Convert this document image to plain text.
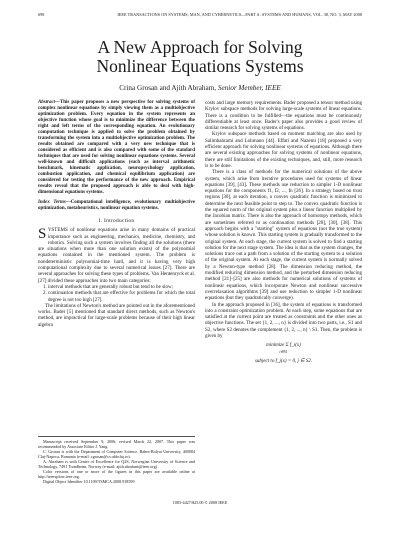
698	IEEE TRANSACTIONS ON SYSTEMS, MAN, AND CYBERNETICS—PART A: SYSTEMS AND HUMANS, VOL. 38, NO. 3, MAY 2008
A New Approach for Solving
Nonlinear Equations Systems
Crina Grosan and Ajith Abraham, Senior Member, IEEE

Abstract—This paper proposes a new perspective for solving systems of complex nonlinear equations by simply viewing them as a multiobjective optimization problem. Every equation in the system represents an objective function whose goal is to minimize the difference between the right and left terms of the corresponding equation. An evolutionary computation technique is applied to solve the problem obtained by transforming the system into a multiobjective optimization problem. The results obtained are compared with a very new technique that is considered as efficient and is also compared with some of the standard techniques that are used for solving nonlinear equations systems. Several well-known and difficult applications (such as interval arithmetic benchmark, kinematic application, neuropsychology application, combustion application, and chemical equilibrium application) are considered for testing the performance of the new approach. Empirical results reveal that the proposed approach is able to deal with high-dimensional equations systems.

Index Terms—Computational intelligence, evolutionary multiobjective optimization, metaheuristics, nonlinear equation systems.

I. Introduction

SYSTEMS of nonlinear equations arise in many domains of practical importance such as engineering, mechanics, medicine, chemistry, and robotics. Solving such a system involves finding all the solutions (there are situations when more than one solution exists) of the polynomial equations contained in the mentioned system. The problem is nondeterministic polynomial-time hard, and it is having very high computational complexity due to several numerical issues [27]. There are several approaches for solving these types of problems. Van Hentenryck et al. [27] divided these approaches into two main categories:

1. interval methods that are generally robust but tend to be slow;
2. continuation methods that are effective for problems for which the total degree is not too high [27].

The limitations of Newton's method are pointed out in the aforementioned works. Bader [5] mentioned that standard direct methods, such as Newton's method, are impractical for large-scale problems because of their high linear algebra

Manuscript received September 9, 2006; revised March 22, 2007. This paper was recommended by Associate Editor J. Yang.

C. Grosan is with the Department of Computer Science, Babes-Bolyai University, 400084 Cluj-Napoca, Romania (e-mail: cgrosan@cs.ubbcluj.ro).

A. Abraham is with Center of Excellence for Q2S, Norwegian University of Science and Technology, 7491 Trondheim, Norway (e-mail: ajith.abraham@ieee.org).

Color versions of one or more of the figures in this paper are available online at http://ieeexplore.ieee.org.

Digital Object Identifier 10.1109/TSMCA.2008.918599

costs and large memory requirements. Bader proposed a tensor method using Krylov subspace methods for solving large-scale systems of linear equations. There is a condition to be fulfilled—the equations must be continuously differentiable at least once. Bader's paper also provides a good review of similar research for solving systems of equations.

Krylov subspace methods based on moment matching are also used by Salimbahrami and Lohmann [44]. Effati and Nazemi [18] proposed a very efficient approach for solving nonlinear systems of equations. Although there are several existing approaches for solving systems of nonlinear equations, there are still limitations of the existing techniques, and, still, more research is to be done.

There is a class of methods for the numerical solutions of the above system, which arise from iterative procedures used for systems of linear equations [39], [43]. These methods use reduction to simpler 1-D nonlinear equations for the components f1, f2, ..., fn [26]. In a strategy based on trust regions [30], at each iteration, a convex quadratic function is minimized to determine the next feasible point to step to. The convex quadratic function is the squared norm of the original system plus a linear function multiplied by the Jacobian matrix. There is also the approach of homotopy methods, which are sometimes referred to as continuation methods [28], [30], [38]. This approach begins with a "starting" system of equations (not the true system) whose solution is known. This starting system is gradually transformed to the original system. At each stage, the current system is solved to find a starting solution for the next stage system. The idea is that as the system changes, the solutions trace out a path from a solution of the starting system to a solution of the original system. At each stage, the current system is normally solved by a Newton-type method [28]. The dimension reducing method, the modified reducing dimension method, and the perturbed dimension reducing method [21]–[25] are also methods for numerical solutions of systems of nonlinear equations, which incorporate Newton and nonlinear successive overrelaxation algorithms [39] and use reduction to simpler 1-D nonlinear equations (but they quadratically converge).

In the approach proposed in [36], the system of equations is transformed into a constraint optimization problem. At each step, some equations that are satisfied at the current point are treated as constraints and the other ones as objective functions. The set {1, 2, ..., n} is divided into two parts, i.e., S1 and S2, where S2 denotes the complement {1, 2, ..., n} \ S1. Then, the problem is given by

minimize Σ f_i(x)
i∈S1
subject to f_j(x) = 0, j ∈ S2.
1083-4427/$25.00 © 2008 IEEE
